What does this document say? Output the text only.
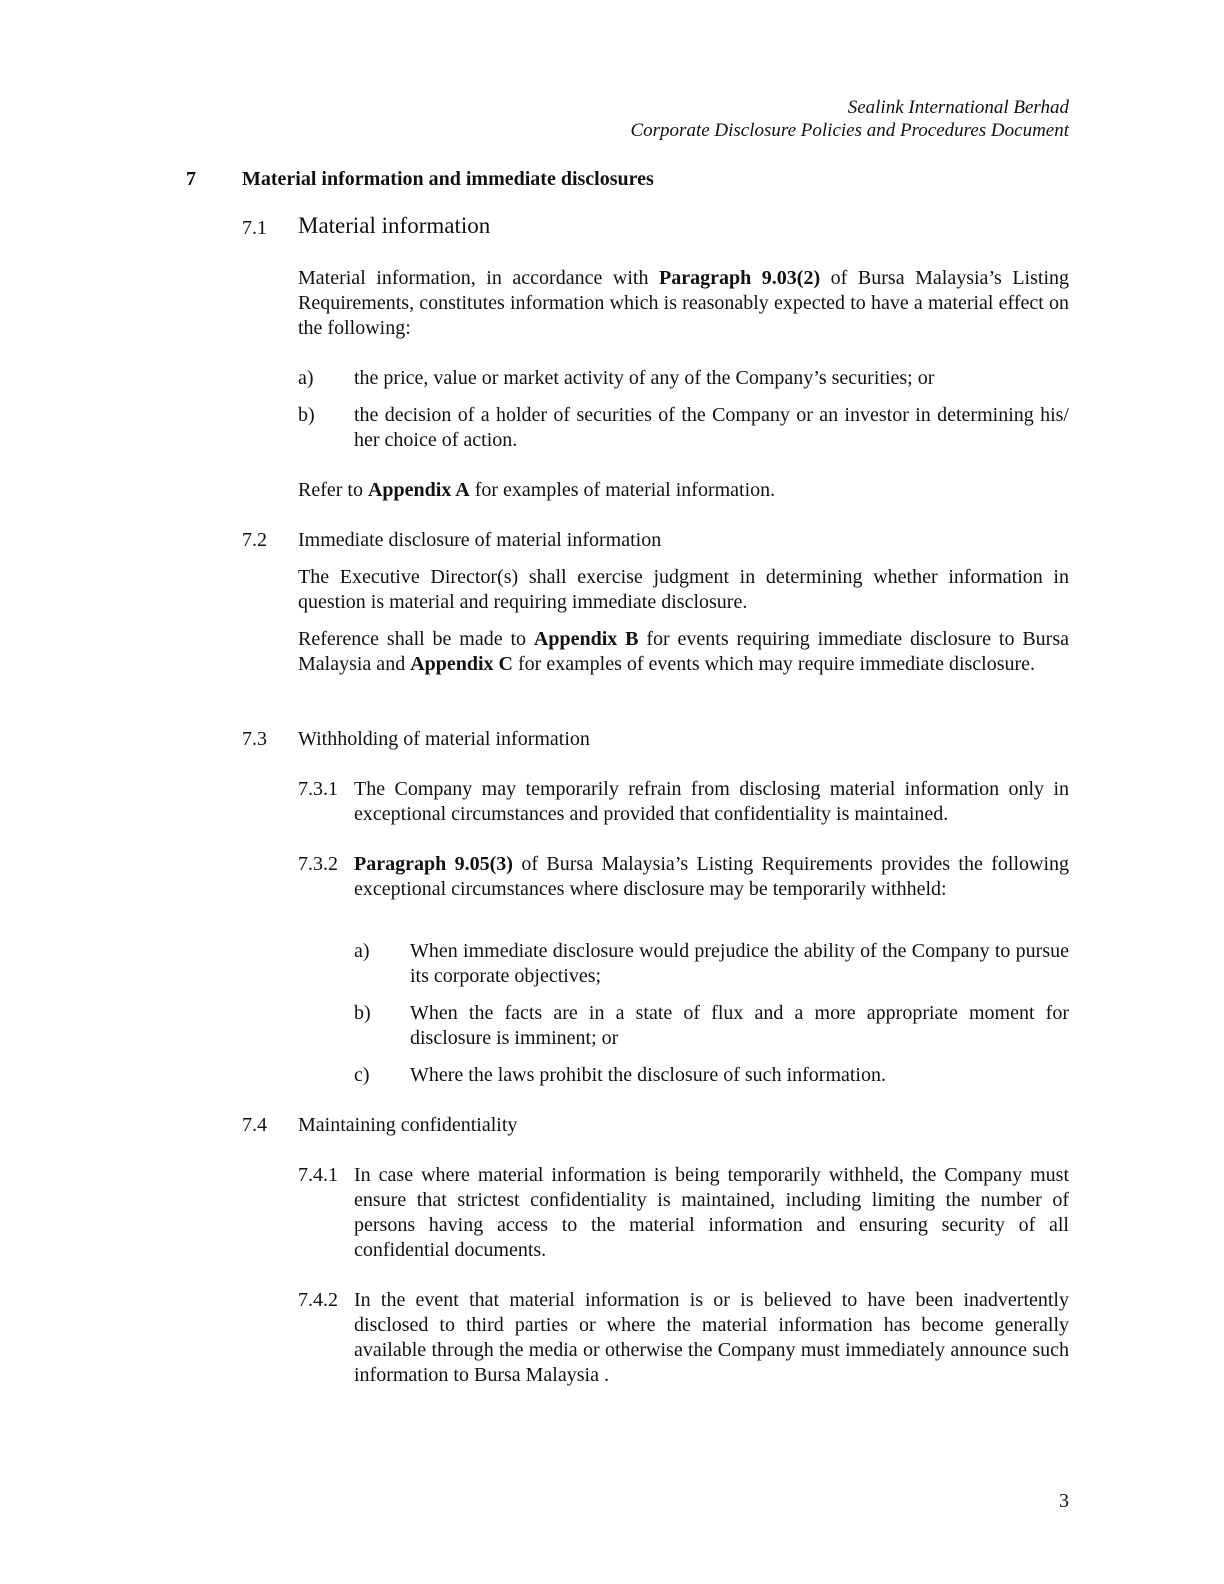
Sealink International Berhad
Corporate Disclosure Policies and Procedures Document
7 Material information and immediate disclosures
7.1 Material information
Material information, in accordance with Paragraph 9.03(2) of Bursa Malaysia’s Listing Requirements, constitutes information which is reasonably expected to have a material effect on the following:
a) the price, value or market activity of any of the Company’s securities; or
b) the decision of a holder of securities of the Company or an investor in determining his/ her choice of action.
Refer to Appendix A for examples of material information.
7.2 Immediate disclosure of material information
The Executive Director(s) shall exercise judgment in determining whether information in question is material and requiring immediate disclosure.
Reference shall be made to Appendix B for events requiring immediate disclosure to Bursa Malaysia and Appendix C for examples of events which may require immediate disclosure.
7.3 Withholding of material information
7.3.1 The Company may temporarily refrain from disclosing material information only in exceptional circumstances and provided that confidentiality is maintained.
7.3.2 Paragraph 9.05(3) of Bursa Malaysia’s Listing Requirements provides the following exceptional circumstances where disclosure may be temporarily withheld:
a) When immediate disclosure would prejudice the ability of the Company to pursue its corporate objectives;
b) When the facts are in a state of flux and a more appropriate moment for disclosure is imminent; or
c) Where the laws prohibit the disclosure of such information.
7.4 Maintaining confidentiality
7.4.1 In case where material information is being temporarily withheld, the Company must ensure that strictest confidentiality is maintained, including limiting the number of persons having access to the material information and ensuring security of all confidential documents.
7.4.2 In the event that material information is or is believed to have been inadvertently disclosed to third parties or where the material information has become generally available through the media or otherwise the Company must immediately announce such information to Bursa Malaysia .
3
